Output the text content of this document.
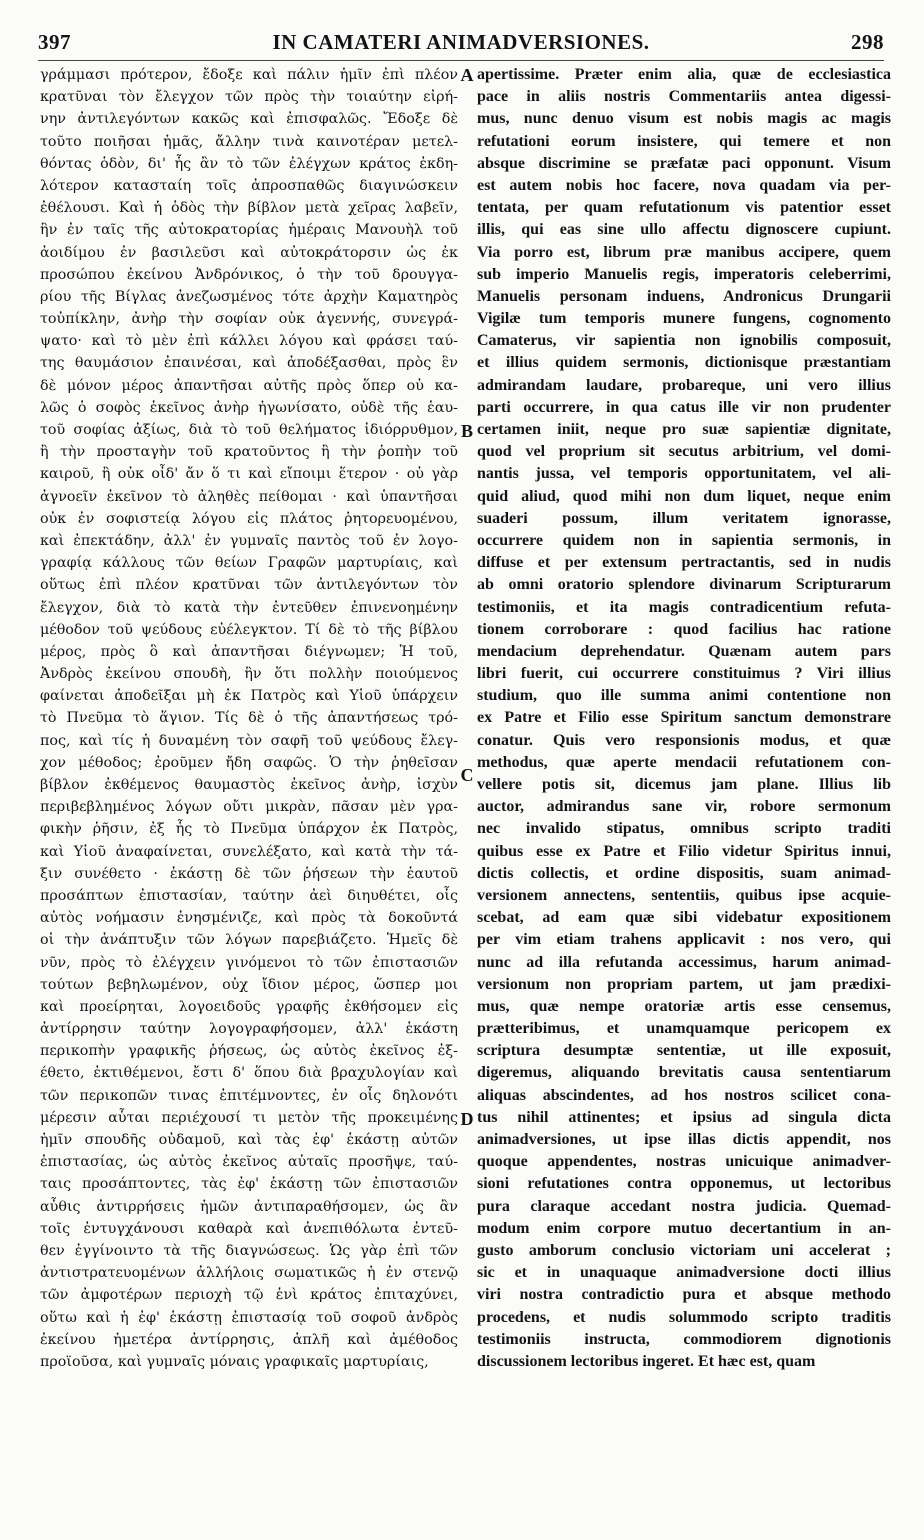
397	IN CAMATERI ANIMADVERSIONES.	298
γράμμασι πρότερον, ἔδοξε καὶ πάλιν ἡμῖν ἐπὶ πλέον
κρατῦναι τὸν ἔλεγχον τῶν πρὸς τὴν τοιαύτην εἰρή-
νην ἀντιλεγόντων κακῶς καὶ ἐπισφαλῶς. Ἔδοξε δὲ
τοῦτο ποιῆσαι ἡμᾶς, ἄλλην τινὰ καινοτέραν μετελ-
θόντας ὁδὸν, δι' ἧς ἂν τὸ τῶν ἐλέγχων κράτος ἐκδη-
λότερον κατασταίη τοῖς ἀπροσπαθῶς διαγινώσκειν
ἐθέλουσι. Καὶ ἡ ὁδὸς τὴν βίβλον μετὰ χεῖρας λαβεῖν,
ἣν ἐν ταῖς τῆς αὐτοκρατορίας ἡμέραις Μανουὴλ τοῦ
ἀοιδίμου ἐν βασιλεῦσι καὶ αὐτοκράτορσιν ὡς ἐκ
προσώπου ἐκείνου Ἀνδρόνικος, ὁ τὴν τοῦ δρουγγα-
ρίου τῆς Βίγλας ἀνεζωσμένος τότε ἀρχὴν Καματηρὸς
τοὐπίκλην, ἀνὴρ τὴν σοφίαν οὐκ ἀγεννής, συνεγρά-
ψατο· καὶ τὸ μὲν ἐπὶ κάλλει λόγου καὶ φράσει ταύ-
της θαυμάσιον ἐπαινέσαι, καὶ ἀποδέξασθαι, πρὸς ἓν
δὲ μόνον μέρος ἀπαντῆσαι αὐτῆς πρὸς ὅπερ οὐ κα-
λῶς ὁ σοφὸς ἐκεῖνος ἀνὴρ ἠγωνίσατο, οὐδὲ τῆς ἑαυ-
τοῦ σοφίας ἀξίως, διὰ τὸ τοῦ θελήματος ἰδιόρρυθμον,
ἢ τὴν προσταγὴν τοῦ κρατοῦντος ἢ τὴν ῥοπὴν τοῦ
καιροῦ, ἢ οὐκ οἶδ' ἄν ὅ τι καὶ εἴποιμι ἕτερον · οὐ γὰρ
ἀγνοεῖν ἐκεῖνον τὸ ἀληθὲς πείθομαι · καὶ ὑπαντῆσαι
οὐκ ἐν σοφιστείᾳ λόγου εἰς πλάτος ῥητορευομένου,
καὶ ἐπεκτάδην, ἀλλ' ἐν γυμναῖς παντὸς τοῦ ἐν λογο-
γραφίᾳ κάλλους τῶν θείων Γραφῶν μαρτυρίαις, καὶ
οὕτως ἐπὶ πλέον κρατῦναι τῶν ἀντιλεγόντων τὸν
ἔλεγχον, διὰ τὸ κατὰ τὴν ἐντεῦθεν ἐπινενοημένην
μέθοδον τοῦ ψεύδους εὐέλεγκτον. Τί δὲ τὸ τῆς βίβλου
μέρος, πρὸς ὃ καὶ ἀπαντῆσαι διέγνωμεν; Ἡ τοῦ,
Ἀνδρὸς ἐκείνου σπουδὴ, ἣν ὅτι πολλὴν ποιούμενος
φαίνεται ἀποδεῖξαι μὴ ἐκ Πατρὸς καὶ Υἱοῦ ὑπάρχειν
τὸ Πνεῦμα τὸ ἅγιον. Τίς δὲ ὁ τῆς ἀπαντήσεως τρό-
πος, καὶ τίς ἡ δυναμένη τὸν σαφῆ τοῦ ψεύδους ἔλεγ-
χον μέθοδος; ἐροῦμεν ἤδη σαφῶς. Ὁ τὴν ῥηθεῖσαν
βίβλον ἐκθέμενος θαυμαστὸς ἐκεῖνος ἀνὴρ, ἰσχὺν
περιβεβλημένος λόγων οὔτι μικρὰν, πᾶσαν μὲν γρα-
φικὴν ῥῆσιν, ἐξ ἧς τὸ Πνεῦμα ὑπάρχον ἐκ Πατρὸς,
καὶ Υἱοῦ ἀναφαίνεται, συνελέξατο, καὶ κατὰ τὴν τά-
ξιν συνέθετο · ἑκάστῃ δὲ τῶν ῥήσεων τὴν ἑαυτοῦ
προσάπτων ἐπιστασίαν, ταύτην ἀεὶ διηυθέτει, οἷς
αὐτὸς νοήμασιν ἐνησμένιζε, καὶ πρὸς τὰ δοκοῦντά
οἱ τὴν ἀνάπτυξιν τῶν λόγων παρεβιάζετο. Ἡμεῖς δὲ
νῦν, πρὸς τὸ ἐλέγχειν γινόμενοι τὸ τῶν ἐπιστασιῶν
τούτων βεβηλωμένον, οὐχ ἴδιον μέρος, ὥσπερ μοι
καὶ προείρηται, λογοειδοῦς γραφῆς ἐκθήσομεν εἰς
ἀντίρρησιν ταύτην λογογραφήσομεν, ἀλλ' ἑκάστη
περικοπὴν γραφικῆς ῥήσεως, ὡς αὐτὸς ἐκεῖνος ἐξ-
έθετο, ἐκτιθέμενοι, ἔστι δ' ὅπου διὰ βραχυλογίαν καὶ
τῶν περικοπῶν τινας ἐπιτέμνοντες, ἐν οἷς δηλονότι
μέρεσιν αὗται περιέχουσί τι μετὸν τῆς προκειμένης
ἡμῖν σπουδῆς οὐδαμοῦ, καὶ τὰς ἐφ' ἑκάστῃ αὐτῶν
ἐπιστασίας, ὡς αὐτὸς ἐκεῖνος αὐταῖς προσῆψε, ταύ-
ταις προσάπτοντες, τὰς ἐφ' ἑκάστῃ τῶν ἐπιστασιῶν
αὖθις ἀντιρρήσεις ἡμῶν ἀντιπαραθήσομεν, ὡς ἂν
τοῖς ἐντυγχάνουσι καθαρὰ καὶ ἀνεπιθόλωτα ἐντεῦ-
θεν ἐγγίνοιντο τὰ τῆς διαγνώσεως. Ὡς γὰρ ἐπὶ τῶν
ἀντιστρατευομένων ἀλλήλοις σωματικῶς ἡ ἐν στενῷ
τῶν ἀμφοτέρων περιοχὴ τῷ ἑνὶ κράτος ἐπιταχύνει,
οὕτω καὶ ἡ ἐφ' ἑκάστῃ ἐπιστασίᾳ τοῦ σοφοῦ ἀνδρὸς
ἐκείνου ἡμετέρα ἀντίρρησις, ἁπλῆ καὶ ἀμέθοδος
προϊοῦσα, καὶ γυμναῖς μόναις γραφικαῖς μαρτυρίαις,
A
B
C
D
apertissime. Præter enim alia, quæ de ecclesiastica
pace in aliis nostris Commentariis antea digessi-
mus, nunc denuo visum est nobis magis ac magis
refutationi eorum insistere, qui temere et non
absque discrimine se præfatæ paci opponunt. Visum
est autem nobis hoc facere, nova quadam via per-
tentata, per quam refutationum vis patentior esset
illis, qui eas sine ullo affectu dignoscere cupiunt.
Via porro est, librum præ manibus accipere, quem
sub imperio Manuelis regis, imperatoris celeberrimi,
Manuelis personam induens, Andronicus Drungarii
Vigilæ tum temporis munere fungens, cognomento
Camaterus, vir sapientia non ignobilis composuit,
et illius quidem sermonis, dictionisque præstantiam
admirandam laudare, probareque, uni vero illius
parti occurrere, in qua catus ille vir non prudenter
certamen iniit, neque pro suæ sapientiæ dignitate,
quod vel proprium sit secutus arbitrium, vel domi-
nantis jussa, vel temporis opportunitatem, vel ali-
quid aliud, quod mihi non dum liquet, neque enim
suaderi possum, illum veritatem ignorasse,
occurrere quidem non in sapientia sermonis, in
diffuse et per extensum pertractantis, sed in nudis
ab omni oratorio splendore divinarum Scripturarum
testimoniis, et ita magis contradicentium refuta-
tionem corroborare : quod facilius hac ratione
mendacium deprehendatur. Quænam autem pars
libri fuerit, cui occurrere constituimus ? Viri illius
studium, quo ille summa animi contentione non
ex Patre et Filio esse Spiritum sanctum demonstrare
conatur. Quis vero responsionis modus, et quæ
methodus, quæ aperte mendacii refutationem con-
vellere potis sit, dicemus jam plane. Illius lib
auctor, admirandus sane vir, robore sermonum
nec invalido stipatus, omnibus scripto traditi
quibus esse ex Patre et Filio videtur Spiritus innui,
dictis collectis, et ordine dispositis, suam animad-
versionem annectens, sententiis, quibus ipse acquie-
scebat, ad eam quæ sibi videbatur expositionem
per vim etiam trahens applicavit : nos vero, qui
nunc ad illa refutanda accessimus, harum animad-
versionum non propriam partem, ut jam prædixi-
mus, quæ nempe oratoriæ artis esse censemus,
prætteribimus, et unamquamque pericopem ex
scriptura desumptæ sententiæ, ut ille exposuit,
digeremus, aliquando brevitatis causa sententiarum
aliquas abscindentes, ad hos nostros scilicet cona-
tus nihil attinentes; et ipsius ad singula dicta
animadversiones, ut ipse illas dictis appendit, nos
quoque appendentes, nostras unicuique animadver-
sioni refutationes contra opponemus, ut lectoribus
pura claraque accedant nostra judicia. Quemad-
modum enim corpore mutuo decertantium in an-
gusto amborum conclusio victoriam uni accelerat ;
sic et in unaquaque animadversione docti illius
viri nostra contradictio pura et absque methodo
procedens, et nudis solummodo scripto traditis
testimoniis instructa, commodiorem dignotionis
discussionem lectoribus ingeret. Et hæc est, quam
